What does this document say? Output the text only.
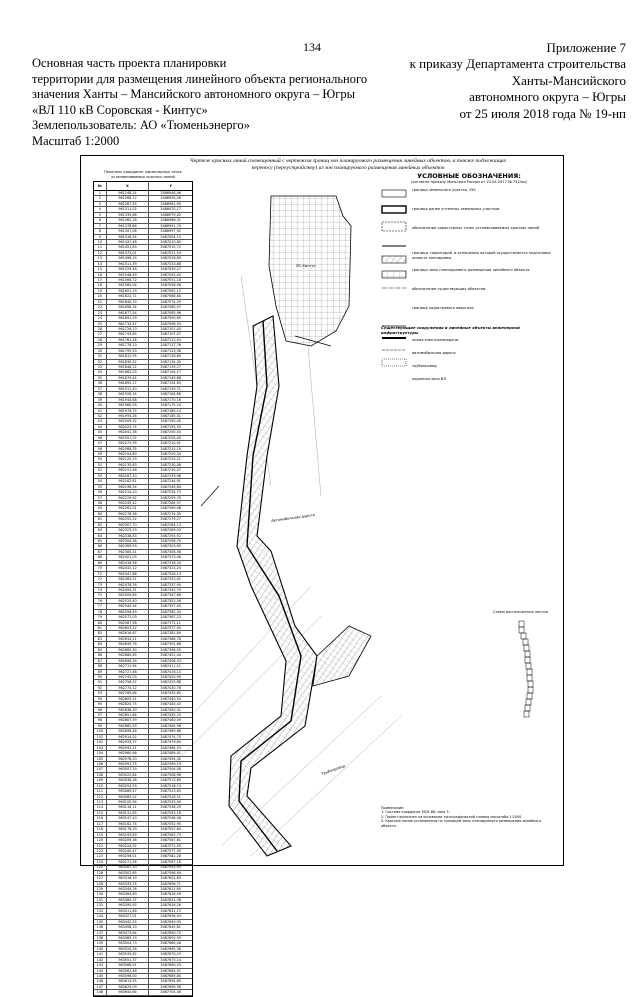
134
Основная часть проекта планировки
территории для размещения линейного объекта регионального
значения Ханты – Мансийского автономного округа – Югры
«ВЛ 110 кВ Соровская - Кинтус»
Землепользователь: АО «Тюменьэнерго»
Масштаб 1:2000
Приложение 7
к приказу Департамента строительства
Ханты-Мансийского
автономного округа – Югры
от 25 июля 2018 года № 19-нп
Чертеж красных линий совмещенный с чертежом границ зон планируемого размещения линейных объектов, а также подлежащих переносу (переустройству) из зон планируемого размещения линейных объектов
Перечень координат характерных точек устанавливаемых красных линий
№	X	Y
1	961248,24	3486948,46
2	961266,12	3486955,08
3	961287,55	3486961,90
4	961311,02	3486970,17
5	961339,86	3486979,42
6	961362,18	3486986,31
7	961378,86	3486991,79
8	961397,06	3486997,92
9	961416,54	3487004,15
10	961437,48	3487010,80
11	961451,83	3487015,72
12	961473,01	3487021,54
13	961496,15	3487028,89
14	961511,39	3487033,68
15	961529,48	3487039,27
16	961548,63	3487045,40
17	961566,72	3487051,18
18	961585,04	3487056,96
19	961601,19	3487062,12
20	961622,71	3487068,84
21	961640,33	3487074,29
22	961658,34	3487080,07
23	961677,54	3487085,96
24	961692,29	3487090,85
25	961710,47	3487096,54
26	961726,13	3487101,43
27	961743,65	3487107,07
28	961761,28	3487112,54
29	961778,10	3487117,76
30	961795,53	3487123,36
31	961812,95	3487128,80
32	961830,52	3487134,30
33	961846,22	3487139,27
34	961862,03	3487144,17
35	961879,44	3487149,68
36	961895,27	3487154,63
37	961911,40	3487159,71
38	961928,14	3487164,88
39	961944,68	3487170,16
40	961960,93	3487175,24
41	961976,75	3487180,14
42	961993,26	3487185,31
43	962009,52	3487190,40
44	962025,74	3487195,55
45	962041,38	3487200,43
46	962057,02	3487205,40
47	962072,99	3487210,41
48	962088,35	3487215,19
49	962104,60	3487220,34
50	962120,19	3487225,21
51	962135,63	3487230,08
52	962151,48	3487235,07
53	962167,10	3487239,96
54	962182,81	3487244,91
55	962198,54	3487249,84
56	962214,10	3487254,73
57	962229,92	3487259,70
58	962245,42	3487264,57
59	962261,01	3487269,48
60	962276,58	3487274,35
61	962292,22	3487279,27
62	962307,70	3487284,13
63	962323,29	3487289,03
64	962338,83	3487293,92
65	962354,38	3487298,79
66	962369,93	3487303,69
67	962385,51	3487308,58
68	962401,03	3487313,46
69	962416,56	3487318,34
70	962432,12	3487323,24
71	962447,68	3487328,13
72	962463,21	3487333,01
73	962478,76	3487337,90
74	962494,31	3487342,79
75	962509,85	3487347,68
76	962525,40	3487352,56
77	962540,94	3487357,45
78	962556,49	3487362,34
79	962572,03	3487367,23
80	962587,58	3487372,11
81	962603,12	3487377,00
82	962618,67	3487381,89
83	962634,21	3487386,78
84	962649,76	3487391,66
85	962665,30	3487396,55
86	962680,85	3487401,44
87	962696,39	3487406,33
88	962711,94	3487411,21
89	962727,48	3487416,10
90	962743,03	3487420,99
91	962758,57	3487425,88
92	962774,12	3487430,76
93	962789,66	3487435,65
94	962805,21	3487440,54
95	962820,75	3487445,43
96	962836,30	3487450,31
97	962851,84	3487455,20
98	962867,39	3487460,09
99	962882,93	3487464,98
100	962898,48	3487469,86
101	962914,02	3487474,75
102	962929,57	3487479,64
103	962945,11	3487484,53
104	962960,66	3487489,41
105	962976,20	3487494,30
106	962991,75	3487499,19
107	963007,29	3487504,08
108	963022,84	3487508,96
109	963038,38	3487513,85
110	963053,93	3487518,74
111	963069,47	3487523,63
112	963085,02	3487528,51
113	963100,56	3487533,40
114	963116,11	3487538,29
115	963131,65	3487543,18
116	963147,20	3487548,06
117	963162,74	3487552,95
118	963178,29	3487557,84
119	963193,83	3487562,73
120	963209,38	3487567,61
121	963224,92	3487572,50
122	963240,47	3487577,39
123	963256,01	3487582,28
124	963271,56	3487587,16
125	963287,10	3487592,05
126	963302,65	3487596,94
127	963318,19	3487601,83
128	963333,74	3487606,71
129	963349,28	3487611,60
130	963364,83	3487616,49
131	963380,37	3487621,38
132	963395,92	3487626,26
133	963411,46	3487631,15
134	963427,01	3487636,04
135	963442,55	3487640,93
136	963458,10	3487645,81
137	963473,64	3487650,70
138	963489,19	3487655,59
139	963504,73	3487660,48
140	963520,28	3487665,36
141	963535,82	3487670,25
142	963551,37	3487675,14
143	963566,91	3487680,03
144	963582,46	3487684,91
145	963598,00	3487689,80
146	963613,55	3487694,69
147	963629,09	3487699,58
148	963644,64	3487704,46
УСЛОВНЫЕ ОБОЗНАЧЕНИЯ:
(согласно приказу Минстроя России от 25.04.2017 № 742/пр)
граница земельного участка, ЗУ1
граница ранее учтенных земельных участков
обозначение характерных точек устанавливаемых красных линий
границы территорий, в отношении которой осуществляется подготовка проекта планировки
граница зоны планируемого размещения линейного объекта
обозначение существующих объектов
граница кадастрового квартала
Существующие сооружения и линейные объекты инженерной инфраструктуры
линия электропередачи
автомобильная дорога
трубопровод
охранная зона ВЛ
Схема расположения листов
Автомобильная дорога
Трубопровод
ПС Кинтус
Примечание:
1. Система координат МСК-86, зона 3.
2. Проект выполнен на основании топографической съемки масштаба 1:2000.
3. Красные линии установлены по границам зоны планируемого размещения линейного объекта.
